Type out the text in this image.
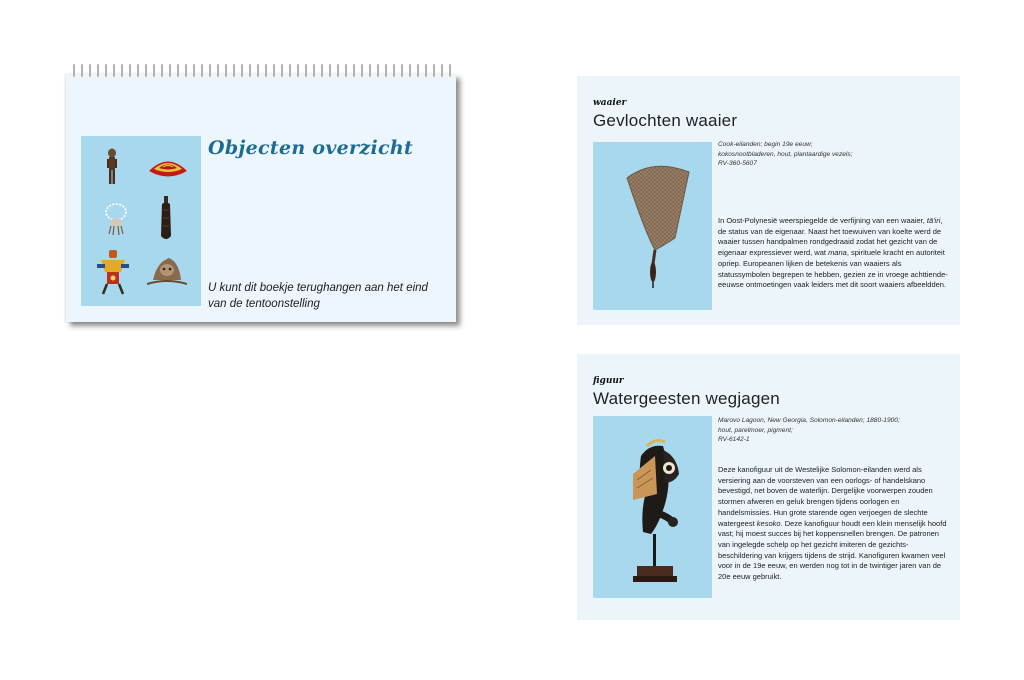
Objecten overzicht
U kunt dit boekje terughangen aan het eind van de tentoonstelling
waaier
Gevlochten waaier
Cook-eilanden; begin 19e eeuw;
kokosnootbladeren, hout, plantaardige vezels;
RV-360-5607
In Oost-Polynesië weerspiegelde de verfijning van een waaier, tā'iri, de status van de eigenaar. Naast het toewuiven van koelte werd de waaier tussen handpalmen rondgedraaid zodat het gezicht van de eigenaar expressiever werd, wat mana, spirituele kracht en autoriteit opriep. Europeanen lijken de betekenis van waaiers als statussymbolen begrepen te hebben, gezien ze in vroege achttiende-eeuwse ontmoetingen vaak leiders met dit soort waaiers afbeeldden.
figuur
Watergeesten wegjagen
Marovo Lagoon, New Georgia, Solomon-eilanden; 1880-1900;
hout, parelmoer, pigment;
RV-6142-1
Deze kanofiguur uit de Westelijke Solomon-eilanden werd als versiering aan de voorsteven van een oorlogs- of handelskano bevestigd, net boven de waterlijn. Dergelijke voorwerpen zouden stormen afweren en geluk brengen tijdens oorlogen en handelsmissies. Hun grote starende ogen verjoegen de slechte watergeest kesoko. Deze kanofiguur houdt een klein menselijk hoofd vast; hij moest succes bij het koppensnellen brengen. De patronen van ingelegde schelp op het gezicht imiteren de gezichtsbeschildering van krijgers tijdens de strijd. Kanofiguren kwamen veel voor in de 19e eeuw, en werden nog tot in de twintiger jaren van de 20e eeuw gebruikt.
